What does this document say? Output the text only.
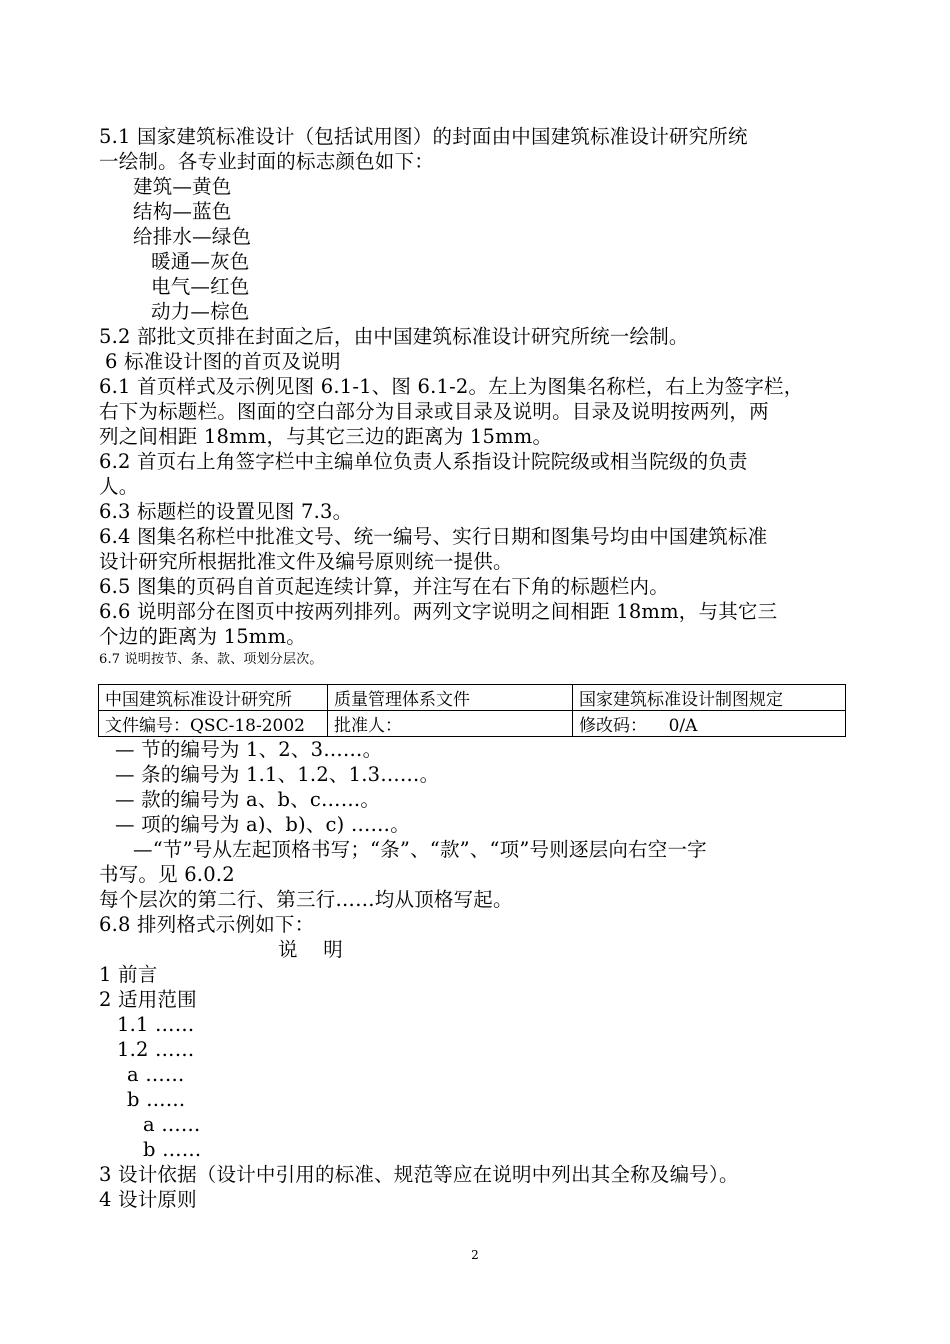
5.1 国家建筑标准设计（包括试用图）的封面由中国建筑标准设计研究所统
一绘制。各专业封面的标志颜色如下：
建筑—黄色
结构—蓝色
给排水—绿色
暖通—灰色
电气—红色
动力—棕色
5.2 部批文页排在封面之后，由中国建筑标准设计研究所统一绘制。
6 标准设计图的首页及说明
6.1 首页样式及示例见图 6.1-1、图 6.1-2。左上为图集名称栏，右上为签字栏，
右下为标题栏。图面的空白部分为目录或目录及说明。目录及说明按两列，两
列之间相距 18mm，与其它三边的距离为 15mm。
6.2 首页右上角签字栏中主编单位负责人系指设计院院级或相当院级的负责
人。
6.3 标题栏的设置见图 7.3。
6.4 图集名称栏中批准文号、统一编号、实行日期和图集号均由中国建筑标准
设计研究所根据批准文件及编号原则统一提供。
6.5 图集的页码自首页起连续计算，并注写在右下角的标题栏内。
6.6 说明部分在图页中按两列排列。两列文字说明之间相距 18mm，与其它三
个边的距离为 15mm。
6.7 说明按节、条、款、项划分层次。
中国建筑标准设计研究所	质量管理体系文件	国家建筑标准设计制图规定
文件编号：QSC-18-2002	批准人：	修改码：    0/A
— 节的编号为 1、2、3……。
— 条的编号为 1.1、1.2、1.3……。
— 款的编号为 a、b、c……。
— 项的编号为 a)、b)、c) ……。
—“节”号从左起顶格书写；“条”、“款”、“项”号则逐层向右空一字
书写。见 6.0.2
每个层次的第二行、第三行……均从顶格写起。
6.8 排列格式示例如下：
说    明
1 前言
2 适用范围
1.1 ……
1.2 ……
a ……
b ……
a ……
b ……
3 设计依据（设计中引用的标准、规范等应在说明中列出其全称及编号）。
4 设计原则
2
